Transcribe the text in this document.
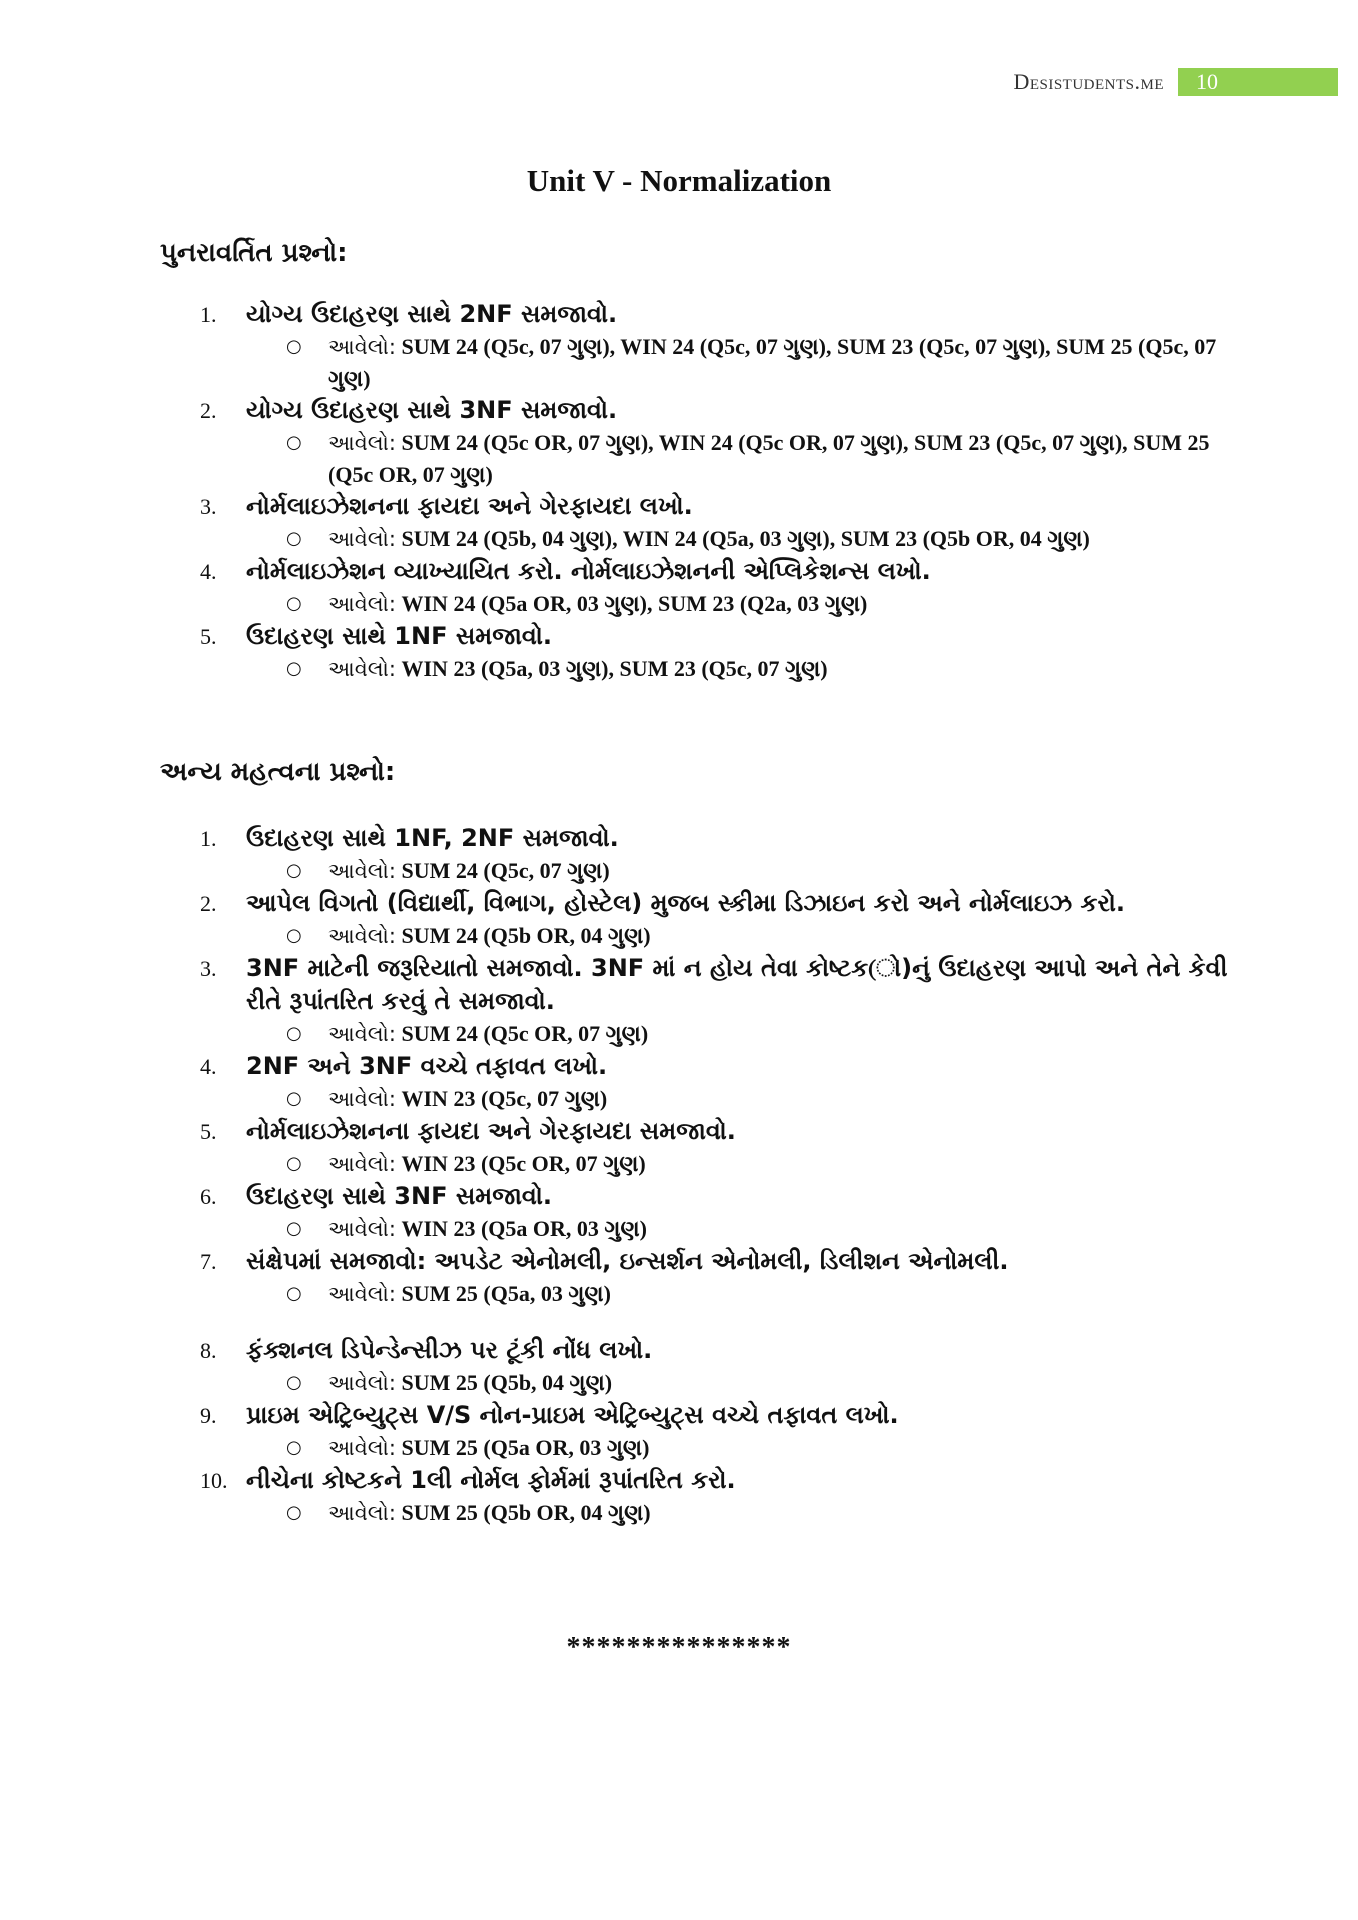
Desistudents.me	10
Unit V - Normalization
પુનરાવર્તિત પ્રશ્નો:
1.	યોગ્ય ઉદાહરણ સાથે 2NF સમજાવો.
○ આવેલો: SUM 24 (Q5c, 07 ગુણ), WIN 24 (Q5c, 07 ગુણ), SUM 23 (Q5c, 07 ગુણ), SUM 25 (Q5c, 07 ગુણ)
2.	યોગ્ય ઉદાહરણ સાથે 3NF સમજાવો.
○ આવેલો: SUM 24 (Q5c OR, 07 ગુણ), WIN 24 (Q5c OR, 07 ગુણ), SUM 23 (Q5c, 07 ગુણ), SUM 25 (Q5c OR, 07 ગુણ)
3.	નોર્મલાઇઝેશનના ફાયદા અને ગેરફાયદા લખો.
○ આવેલો: SUM 24 (Q5b, 04 ગુણ), WIN 24 (Q5a, 03 ગુણ), SUM 23 (Q5b OR, 04 ગુણ)
4.	નોર્મલાઇઝેશન વ્યાખ્યાયિત કરો. નોર્મલાઇઝેશનની એપ્લિકેશન્સ લખો.
○ આવેલો: WIN 24 (Q5a OR, 03 ગુણ), SUM 23 (Q2a, 03 ગુણ)
5.	ઉદાહરણ સાથે 1NF સમજાવો.
○ આવેલો: WIN 23 (Q5a, 03 ગુણ), SUM 23 (Q5c, 07 ગુણ)
અન્ય મહત્વના પ્રશ્નો:
1.	ઉદાહરણ સાથે 1NF, 2NF સમજાવો.
○ આવેલો: SUM 24 (Q5c, 07 ગુણ)
2.	આપેલ વિગતો (વિદ્યાર્થી, વિભાગ, હોસ્ટેલ) મુજબ સ્કીમા ડિઝાઇન કરો અને નોર્મલાઇઝ કરો.
○ આવેલો: SUM 24 (Q5b OR, 04 ગુણ)
3.	3NF માટેની જરૂરિયાતો સમજાવો. 3NF માં ન હોય તેવા કોષ્ટક(ો)નું ઉદાહરણ આપો અને તેને કેવી રીતે રૂપાંતરિત કરવું તે સમજાવો.
○ આવેલો: SUM 24 (Q5c OR, 07 ગુણ)
4.	2NF અને 3NF વચ્ચે તફાવત લખો.
○ આવેલો: WIN 23 (Q5c, 07 ગુણ)
5.	નોર્મલાઇઝેશનના ફાયદા અને ગેરફાયદા સમજાવો.
○ આવેલો: WIN 23 (Q5c OR, 07 ગુણ)
6.	ઉદાહરણ સાથે 3NF સમજાવો.
○ આવેલો: WIN 23 (Q5a OR, 03 ગુણ)
7.	સંક્ષેપમાં સમજાવો: અપડેટ એનોમલી, ઇન્સર્શન એનોમલી, ડિલીશન એનોમલી.
○ આવેલો: SUM 25 (Q5a, 03 ગુણ)
8.	ફંક્શનલ ડિપેન્ડેન્સીઝ પર ટૂંકી નોંધ લખો.
○ આવેલો: SUM 25 (Q5b, 04 ગુણ)
9.	પ્રાઇમ એટ્રિબ્યુટ્સ V/S નોન-પ્રાઇમ એટ્રિબ્યુટ્સ વચ્ચે તફાવત લખો.
○ આવેલો: SUM 25 (Q5a OR, 03 ગુણ)
10. નીચેના કોષ્ટકને 1લી નોર્મલ ફોર્મમાં રૂપાંતરિત કરો.
○ આવેલો: SUM 25 (Q5b OR, 04 ગુણ)
***************
